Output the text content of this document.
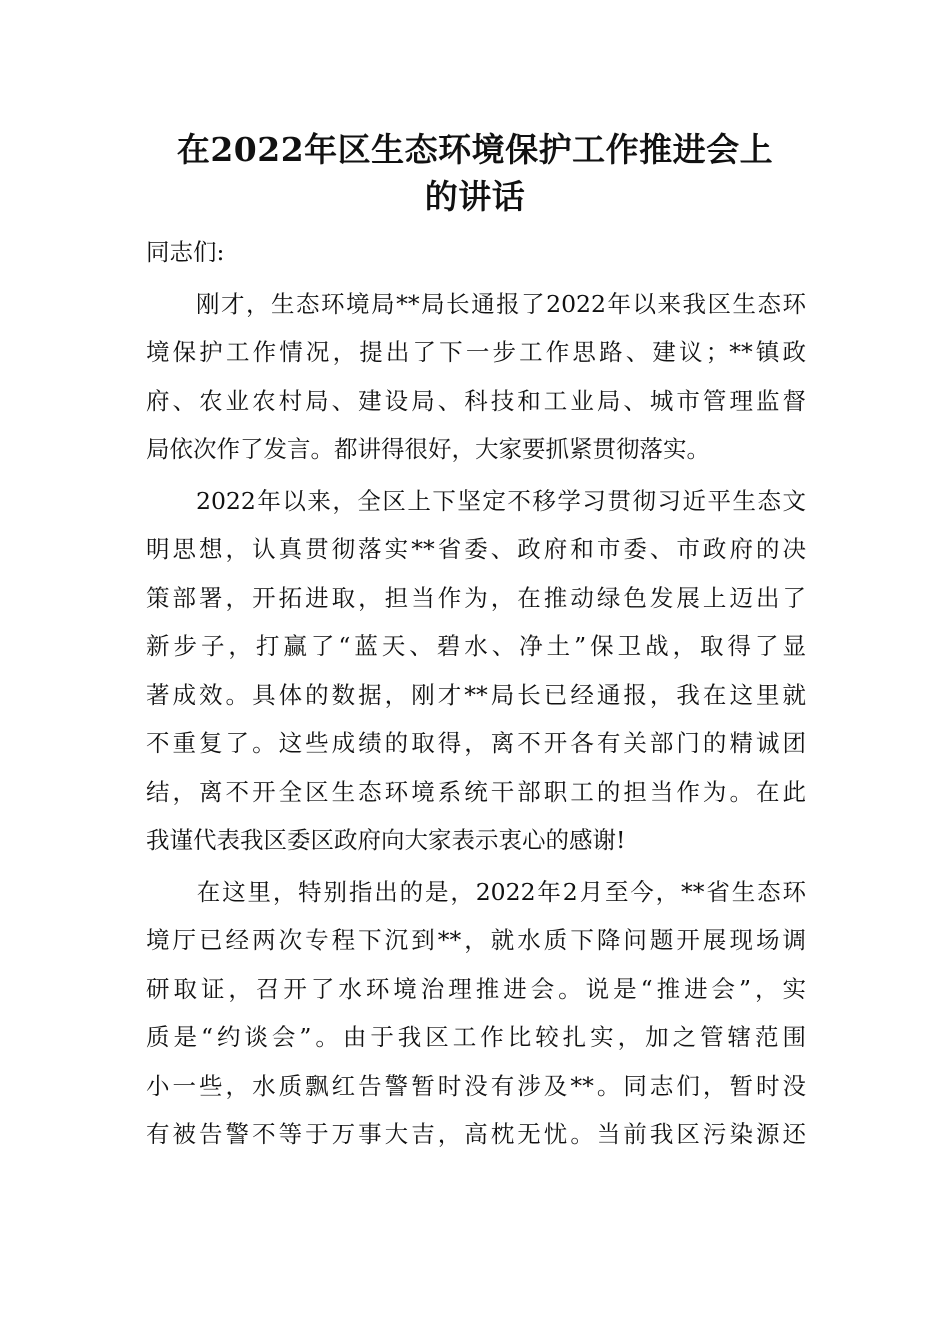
在2022年区生态环境保护工作推进会上
的讲话
同志们:
　　刚才，生态环境局**局长通报了2022年以来我区生态环
境保护工作情况，提出了下一步工作思路、建议；**镇政
府、农业农村局、建设局、科技和工业局、城市管理监督
局依次作了发言。都讲得很好，大家要抓紧贯彻落实。
　　2022年以来，全区上下坚定不移学习贯彻习近平生态文
明思想，认真贯彻落实**省委、政府和市委、市政府的决
策部署，开拓进取，担当作为，在推动绿色发展上迈出了
新步子，打赢了“蓝天、碧水、净土”保卫战，取得了显
著成效。具体的数据，刚才**局长已经通报，我在这里就
不重复了。这些成绩的取得，离不开各有关部门的精诚团
结，离不开全区生态环境系统干部职工的担当作为。在此
我谨代表我区委区政府向大家表示衷心的感谢!
　　在这里，特别指出的是，2022年2月至今，**省生态环
境厅已经两次专程下沉到**，就水质下降问题开展现场调
研取证，召开了水环境治理推进会。说是“推进会”，实
质是“约谈会”。由于我区工作比较扎实，加之管辖范围
小一些，水质飘红告警暂时没有涉及**。同志们，暂时没
有被告警不等于万事大吉，高枕无忧。当前我区污染源还
